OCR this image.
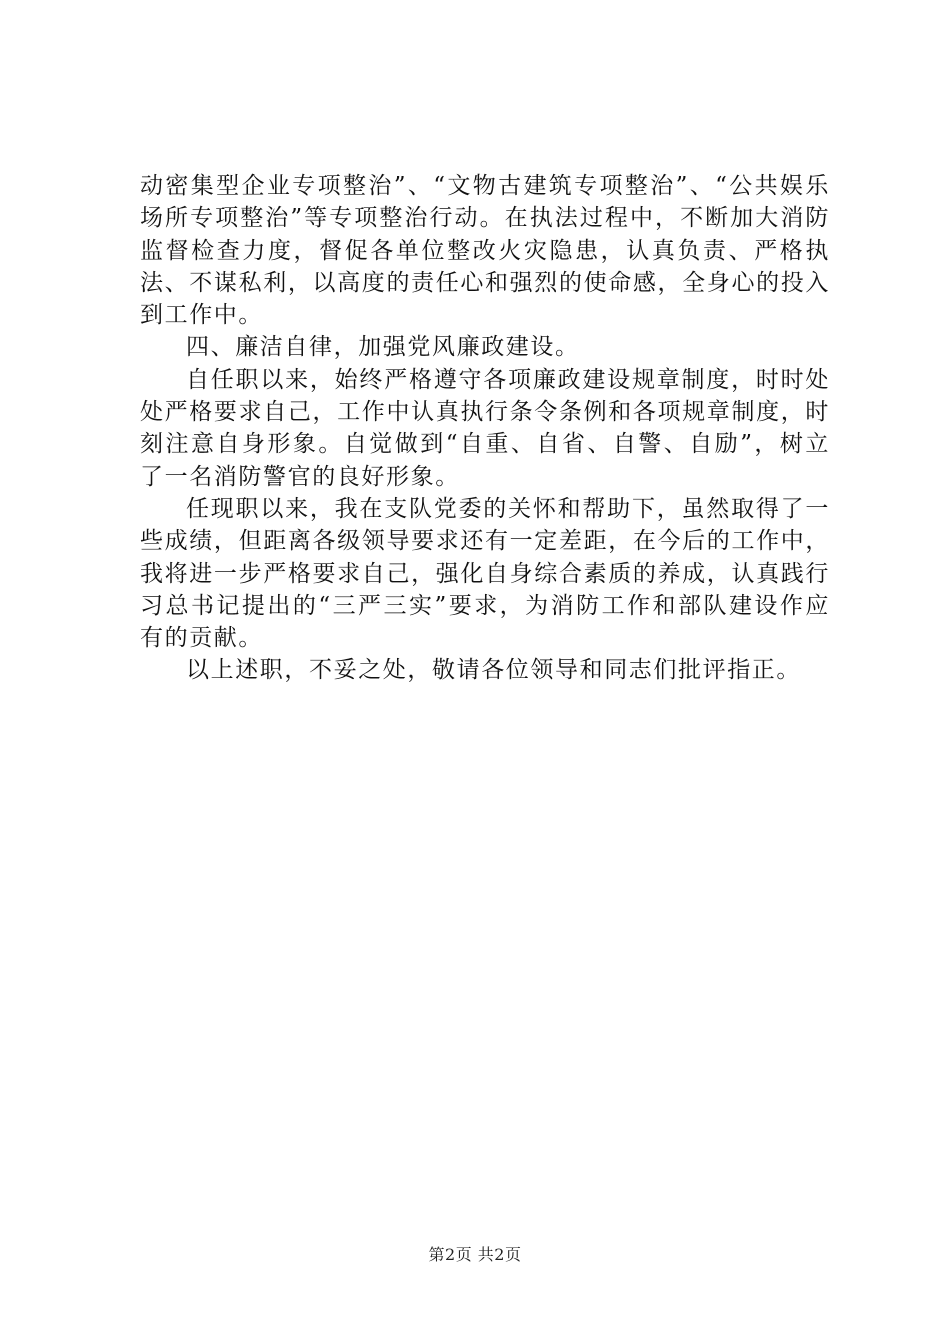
动密集型企业专项整治”、“文物古建筑专项整治”、“公共娱乐场所专项整治”等专项整治行动。在执法过程中，不断加大消防监督检查力度，督促各单位整改火灾隐患，认真负责、严格执法、不谋私利，以高度的责任心和强烈的使命感，全身心的投入到工作中。

四、廉洁自律，加强党风廉政建设。

自任职以来，始终严格遵守各项廉政建设规章制度，时时处处严格要求自己，工作中认真执行条令条例和各项规章制度，时刻注意自身形象。自觉做到“自重、自省、自警、自励”，树立了一名消防警官的良好形象。

任现职以来，我在支队党委的关怀和帮助下，虽然取得了一些成绩，但距离各级领导要求还有一定差距，在今后的工作中，我将进一步严格要求自己，强化自身综合素质的养成，认真践行习总书记提出的“三严三实”要求，为消防工作和部队建设作应有的贡献。

以上述职，不妥之处，敬请各位领导和同志们批评指正。

第2页 共2页
